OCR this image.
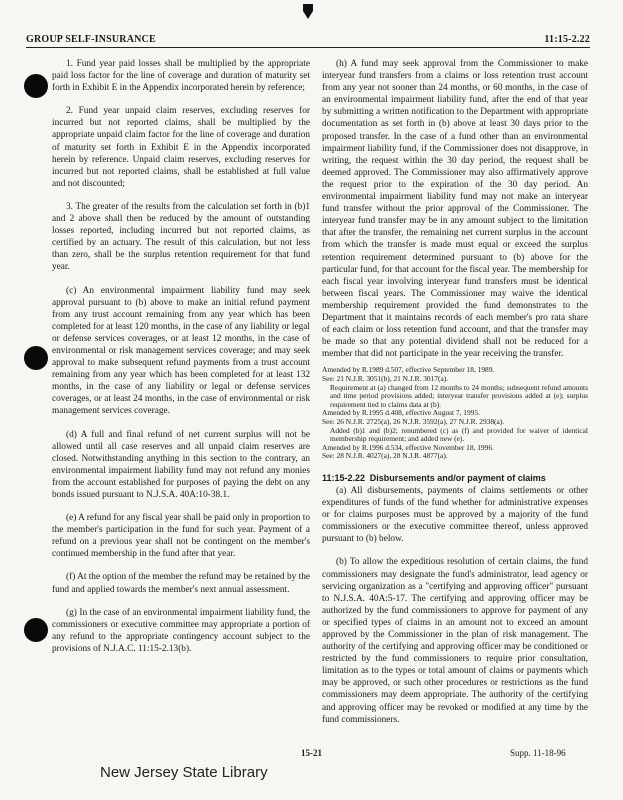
GROUP SELF-INSURANCE	11:15-2.22

1. Fund year paid losses shall be multiplied by the appropriate paid loss factor for the line of coverage and duration of maturity set forth in Exhibit E in the Appendix incorporated herein by reference;

2. Fund year unpaid claim reserves, excluding reserves for incurred but not reported claims, shall be multiplied by the appropriate unpaid claim factor for the line of coverage and duration of maturity set forth in Exhibit E in the Appendix incorporated herein by reference. Unpaid claim reserves, excluding reserves for incurred but not reported claims, shall be established at full value and not discounted;

3. The greater of the results from the calculation set forth in (b)1 and 2 above shall then be reduced by the amount of outstanding losses reported, including incurred but not reported claims, as certified by an actuary. The result of this calculation, but not less than zero, shall be the surplus retention requirement for that fund year.

(c) An environmental impairment liability fund may seek approval pursuant to (b) above to make an initial refund payment from any trust account remaining from any year which has been completed for at least 120 months, in the case of any liability or legal or defense services coverages, or at least 12 months, in the case of environmental or risk management services coverage; and may seek approval to make subsequent refund payments from a trust account remaining from any year which has been completed for at least 132 months, in the case of any liability or legal or defense services coverages, or at least 24 months, in the case of environmental or risk management services coverage.

(d) A full and final refund of net current surplus will not be allowed until all case reserves and all unpaid claim reserves are closed. Notwithstanding anything in this section to the contrary, an environmental impairment liability fund may not refund any monies from the account established for purposes of paying the debt on any bonds issued pursuant to N.J.S.A. 40A:10-38.1.

(e) A refund for any fiscal year shall be paid only in proportion to the member's participation in the fund for such year. Payment of a refund on a previous year shall not be contingent on the member's continued membership in the fund after that year.

(f) At the option of the member the refund may be retained by the fund and applied towards the member's next annual assessment.

(g) In the case of an environmental impairment liability fund, the commissioners or executive committee may appropriate a portion of any refund to the appropriate contingency account subject to the provisions of N.J.A.C. 11:15-2.13(b).

(h) A fund may seek approval from the Commissioner to make interyear fund transfers from a claims or loss retention trust account from any year not sooner than 24 months, or 60 months, in the case of an environmental impairment liability fund, after the end of that year by submitting a written notification to the Department with appropriate documentation as set forth in (b) above at least 30 days prior to the proposed transfer. In the case of a fund other than an environmental impairment liability fund, if the Commissioner does not disapprove, in writing, the request within the 30 day period, the request shall be deemed approved. The Commissioner may also affirmatively approve the request prior to the expiration of the 30 day period. An environmental impairment liability fund may not make an interyear fund transfer without the prior approval of the Commissioner. The interyear fund transfer may be in any amount subject to the limitation that after the transfer, the remaining net current surplus in the account from which the transfer is made must equal or exceed the surplus retention requirement determined pursuant to (b) above for the particular fund, for that account for the fiscal year. The membership for each fiscal year involving interyear fund transfers must be identical between fiscal years. The Commissioner may waive the identical membership requirement provided the fund demonstrates to the Department that it maintains records of each member's pro rata share of each claim or loss retention fund account, and that the transfer may be made so that any potential dividend shall not be reduced for a member that did not participate in the year receiving the transfer.

Amended by R.1989 d.507, effective September 18, 1989.

See: 21 N.J.R. 3051(b), 21 N.J.R. 3017(a).

Requirement at (a) changed from 12 months to 24 months; subsequent refund amounts and time period provisions added; interyear transfer provisions added at (e); surplus requirement tied to claims data at (b).

Amended by R.1995 d.408, effective August 7, 1995.

See: 26 N.J.R. 2725(a), 26 N.J.R. 3592(a), 27 N.J.R. 2938(a).

Added (b)1 and (b)2; renumbered (c) as (f) and provided for waiver of identical membership requirement; and added new (e).

Amended by R.1996 d.534, effective November 18, 1996.

See: 28 N.J.R. 4027(a), 28 N.J.R. 4877(a).

11:15-2.22 Disbursements and/or payment of claims

(a) All disbursements, payments of claims settlements or other expenditures of funds of the fund whether for administrative expenses or for claims purposes must be approved by a majority of the fund commissioners or the executive committee thereof, unless approved pursuant to (b) below.

(b) To allow the expeditious resolution of certain claims, the fund commissioners may designate the fund's administrator, lead agency or servicing organization as a "certifying and approving officer" pursuant to N.J.S.A. 40A:5-17. The certifying and approving officer may be authorized by the fund commissioners to approve for payment of any or specified types of claims in an amount not to exceed an amount approved by the Commissioner in the plan of risk management. The authority of the certifying and approving officer may be conditioned or restricted by the fund commissioners to require prior consultation, limitation as to the types or total amount of claims or payments which may be approved, or such other procedures or restrictions as the fund commissioners may deem appropriate. The authority of the certifying and approving officer may be revoked or modified at any time by the fund commissioners.

15-21	Supp. 11-18-96
New Jersey State Library
